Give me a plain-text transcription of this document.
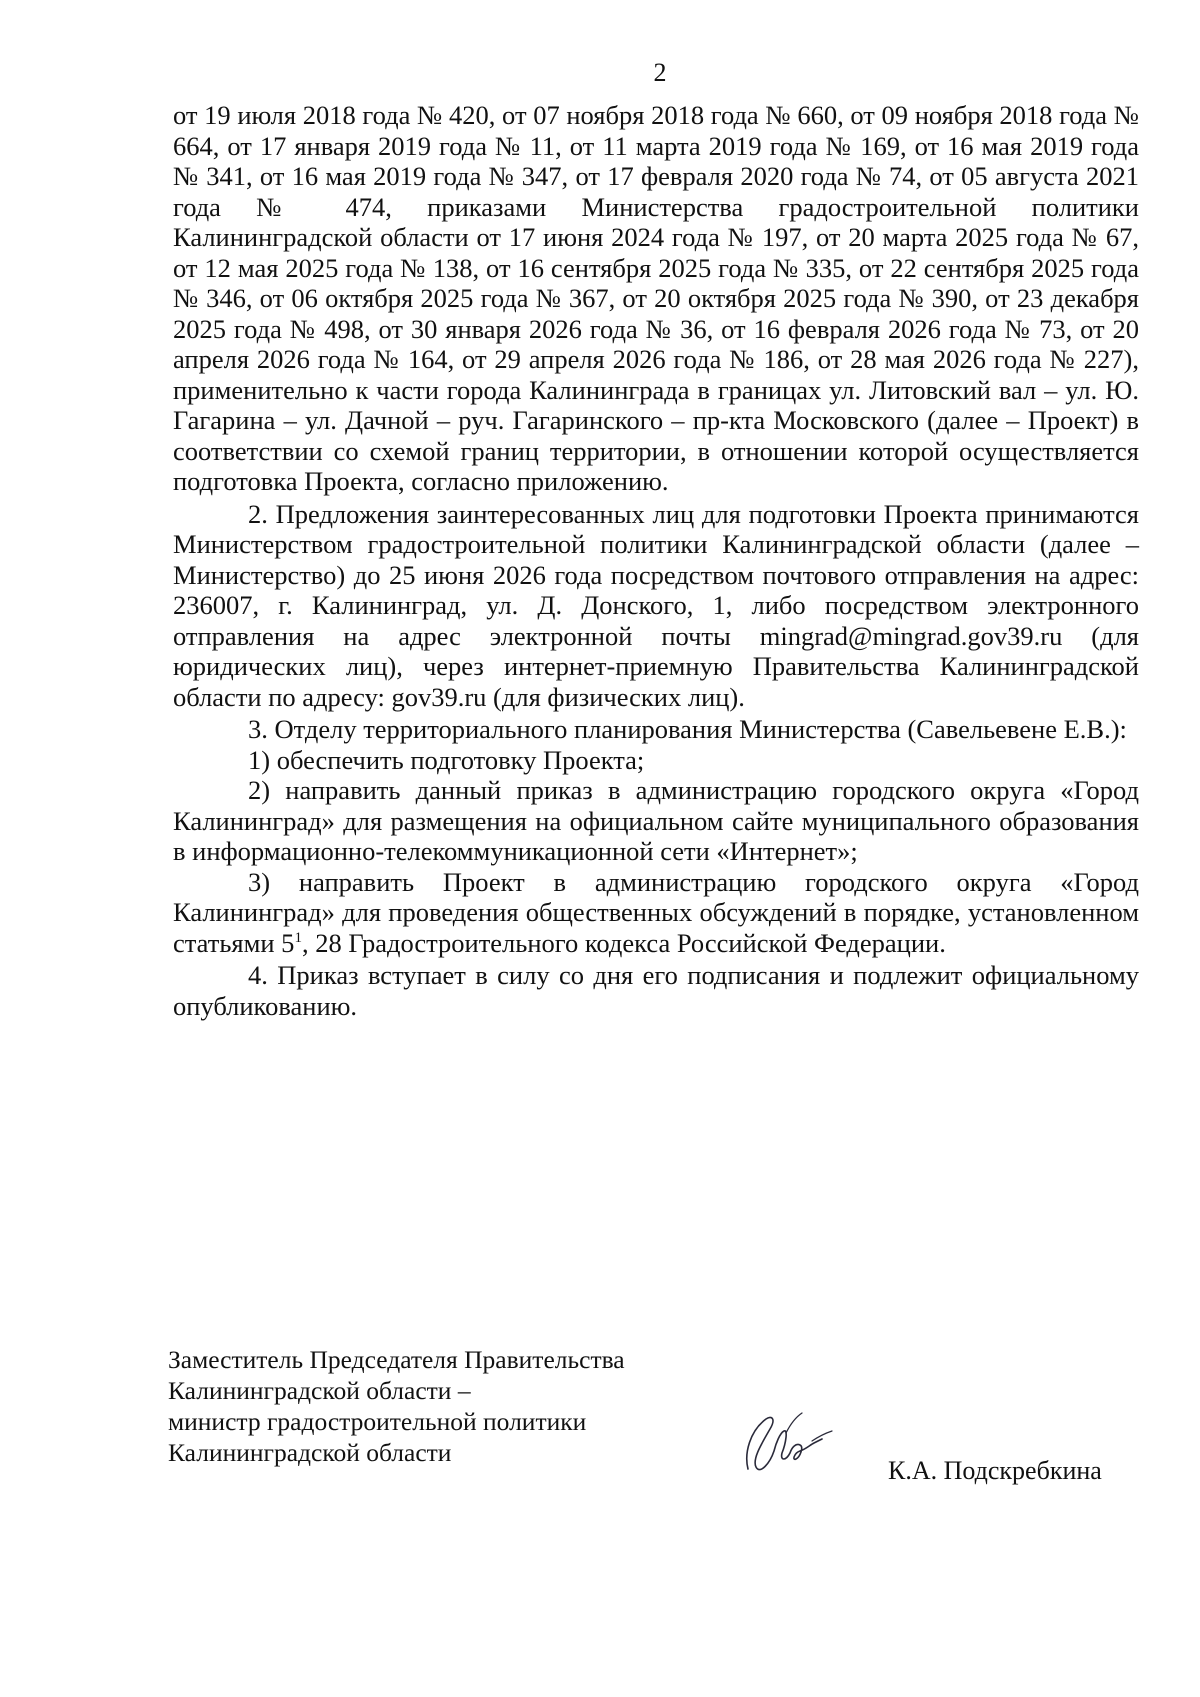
2

от 19 июля 2018 года № 420, от 07 ноября 2018 года № 660, от 09 ноября 2018 года № 664, от 17 января 2019 года № 11, от 11 марта 2019 года № 169, от 16 мая 2019 года № 341, от 16 мая 2019 года № 347, от 17 февраля 2020 года № 74, от 05 августа 2021 года № 474, приказами Министерства градостроительной политики Калининградской области от 17 июня 2024 года № 197, от 20 марта 2025 года № 67, от 12 мая 2025 года № 138, от 16 сентября 2025 года № 335, от 22 сентября 2025 года № 346, от 06 октября 2025 года № 367, от 20 октября 2025 года № 390, от 23 декабря 2025 года № 498, от 30 января 2026 года № 36, от 16 февраля 2026 года № 73, от 20 апреля 2026 года № 164, от 29 апреля 2026 года № 186, от 28 мая 2026 года № 227), применительно к части города Калининграда в границах ул. Литовский вал – ул. Ю. Гагарина – ул. Дачной – руч. Гагаринского – пр-кта Московского (далее – Проект) в соответствии со схемой границ территории, в отношении которой осуществляется подготовка Проекта, согласно приложению.

2. Предложения заинтересованных лиц для подготовки Проекта принимаются Министерством градостроительной политики Калининградской области (далее – Министерство) до 25 июня 2026 года посредством почтового отправления на адрес: 236007, г. Калининград, ул. Д. Донского, 1, либо посредством электронного отправления на адрес электронной почты mingrad@mingrad.gov39.ru (для юридических лиц), через интернет-приемную Правительства Калининградской области по адресу: gov39.ru (для физических лиц).

3. Отделу территориального планирования Министерства (Савельевене Е.В.):

1) обеспечить подготовку Проекта;

2) направить данный приказ в администрацию городского округа «Город Калининград» для размещения на официальном сайте муниципального образования в информационно-телекоммуникационной сети «Интернет»;

3) направить Проект в администрацию городского округа «Город Калининград» для проведения общественных обсуждений в порядке, установленном статьями $5^1$, 28 Градостроительного кодекса Российской Федерации.

4. Приказ вступает в силу со дня его подписания и подлежит официальному опубликованию.

Заместитель Председателя Правительства
Калининградской области –
министр градостроительной политики
Калининградской области
К.А. Подскребкина
